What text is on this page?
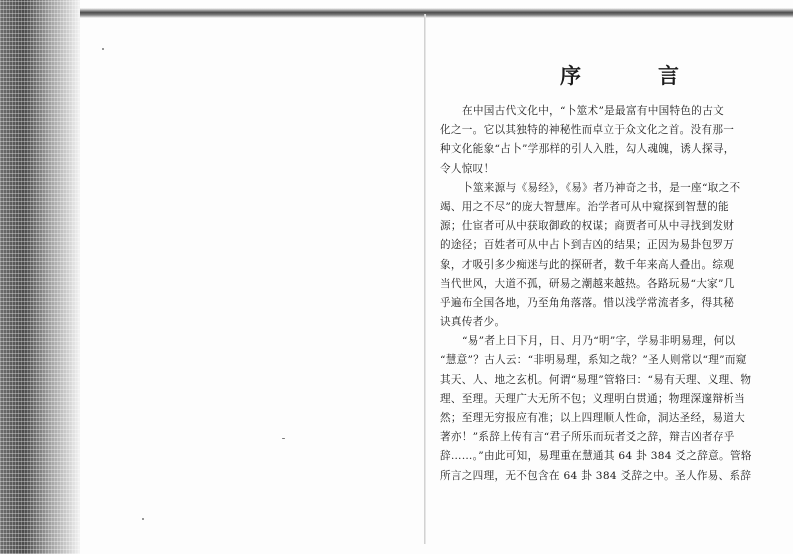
序　言
在中国古代文化中，“卜筮术”是最富有中国特色的古文
化之一。它以其独特的神秘性而卓立于众文化之首。没有那一
种文化能象“占卜”学那样的引人入胜，勾人魂魄，诱人探寻，
令人惊叹！
卜筮来源与《易经》，《易》者乃神奇之书，是一座“取之不
竭、用之不尽”的庞大智慧库。治学者可从中窥探到智慧的能
源；仕宦者可从中获取御政的权谋；商贾者可从中寻找到发财
的途径；百姓者可从中占卜到吉凶的结果；正因为易卦包罗万
象，才吸引多少痴迷与此的探研者，数千年来高人叠出。综观
当代世风，大道不孤，研易之潮越来越热。各路玩易“大家”几
乎遍布全国各地，乃至角角落落。惜以浅学常流者多，得其秘
诀真传者少。
“易”者上日下月，日、月乃“明”字，学易非明易理，何以
“慧意”？古人云：“非明易理，系知之哉？”圣人则常以“理”而窥
其天、人、地之玄机。何谓“易理”管辂曰：“易有天理、义理、物
理、至理。天理广大无所不包；义理明白贯通；物理深邃辩析当
然；至理无穷报应有准；以上四理顺人性命，洞达圣经，易道大
著亦！”系辞上传有言“君子所乐而玩者爻之辞，辩吉凶者存乎
辞……。”由此可知，易理重在慧通其 64 卦 384 爻之辞意。管辂
所言之四理，无不包含在 64 卦 384 爻辞之中。圣人作易、系辞
